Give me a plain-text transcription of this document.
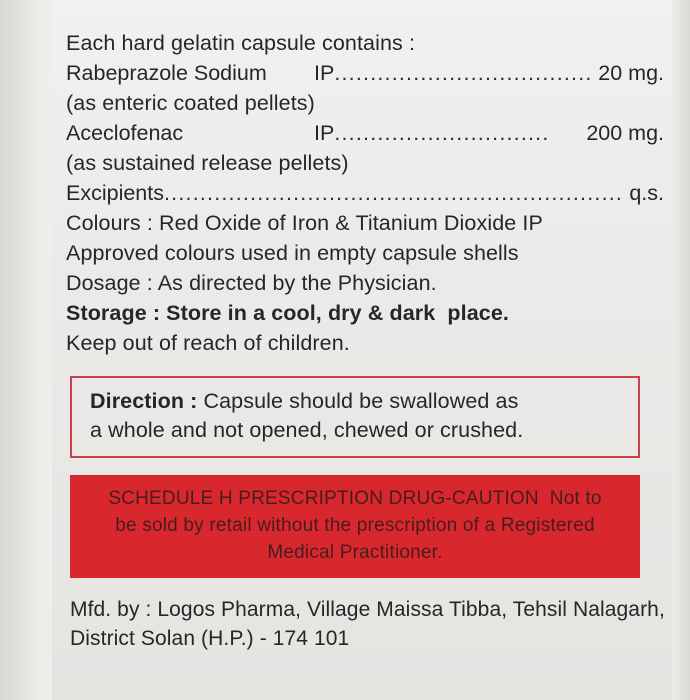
Each hard gelatin capsule contains :
Rabeprazole Sodium	IP .................................... 20 mg.
(as enteric coated pellets)
Aceclofenac	IP ..............................	200 mg.
(as sustained release pellets)
Excipients ................................................................ q.s.
Colours : Red Oxide of Iron & Titanium Dioxide IP
Approved colours used in empty capsule shells
Dosage : As directed by the Physician.
Storage : Store in a cool, dry & dark  place.
Keep out of reach of children.
Direction : Capsule should be swallowed as
a whole and not opened, chewed or crushed.
SCHEDULE H PRESCRIPTION DRUG-CAUTION  Not to
be sold by retail without the prescription of a Registered
Medical Practitioner.
Mfd. by : Logos Pharma, Village Maissa Tibba, Tehsil Nalagarh,
District Solan (H.P.) - 174 101
